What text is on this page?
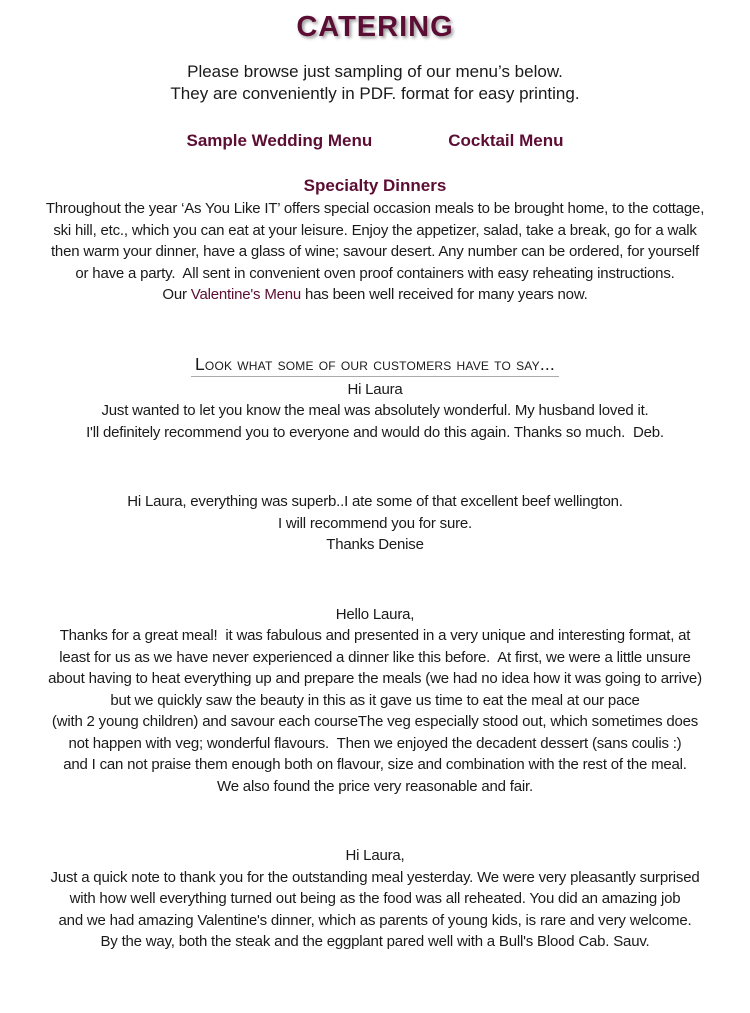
CATERING
Please browse just sampling of our menu’s below.
They are conveniently in PDF. format for easy printing.
Sample Wedding Menu	Cocktail Menu
Specialty Dinners
Throughout the year ‘As You Like IT’ offers special occasion meals to be brought home, to the cottage,
ski hill, etc., which you can eat at your leisure. Enjoy the appetizer, salad, take a break, go for a walk
then warm your dinner, have a glass of wine; savour desert. Any number can be ordered, for yourself
or have a party.  All sent in convenient oven proof containers with easy reheating instructions.
Our Valentine's Menu has been well received for many years now.
Look what some of our customers have to say...
Hi Laura
Just wanted to let you know the meal was absolutely wonderful. My husband loved it.
I'll definitely recommend you to everyone and would do this again. Thanks so much.  Deb.
Hi Laura, everything was superb..I ate some of that excellent beef wellington.
I will recommend you for sure.
Thanks Denise
Hello Laura,
Thanks for a great meal!  it was fabulous and presented in a very unique and interesting format, at
least for us as we have never experienced a dinner like this before.  At first, we were a little unsure
about having to heat everything up and prepare the meals (we had no idea how it was going to arrive)
but we quickly saw the beauty in this as it gave us time to eat the meal at our pace
(with 2 young children) and savour each courseThe veg especially stood out, which sometimes does
not happen with veg; wonderful flavours.  Then we enjoyed the decadent dessert (sans coulis :)
and I can not praise them enough both on flavour, size and combination with the rest of the meal.
We also found the price very reasonable and fair.
Hi Laura,
Just a quick note to thank you for the outstanding meal yesterday. We were very pleasantly surprised
with how well everything turned out being as the food was all reheated. You did an amazing job
and we had amazing Valentine's dinner, which as parents of young kids, is rare and very welcome.
By the way, both the steak and the eggplant pared well with a Bull's Blood Cab. Sauv.
